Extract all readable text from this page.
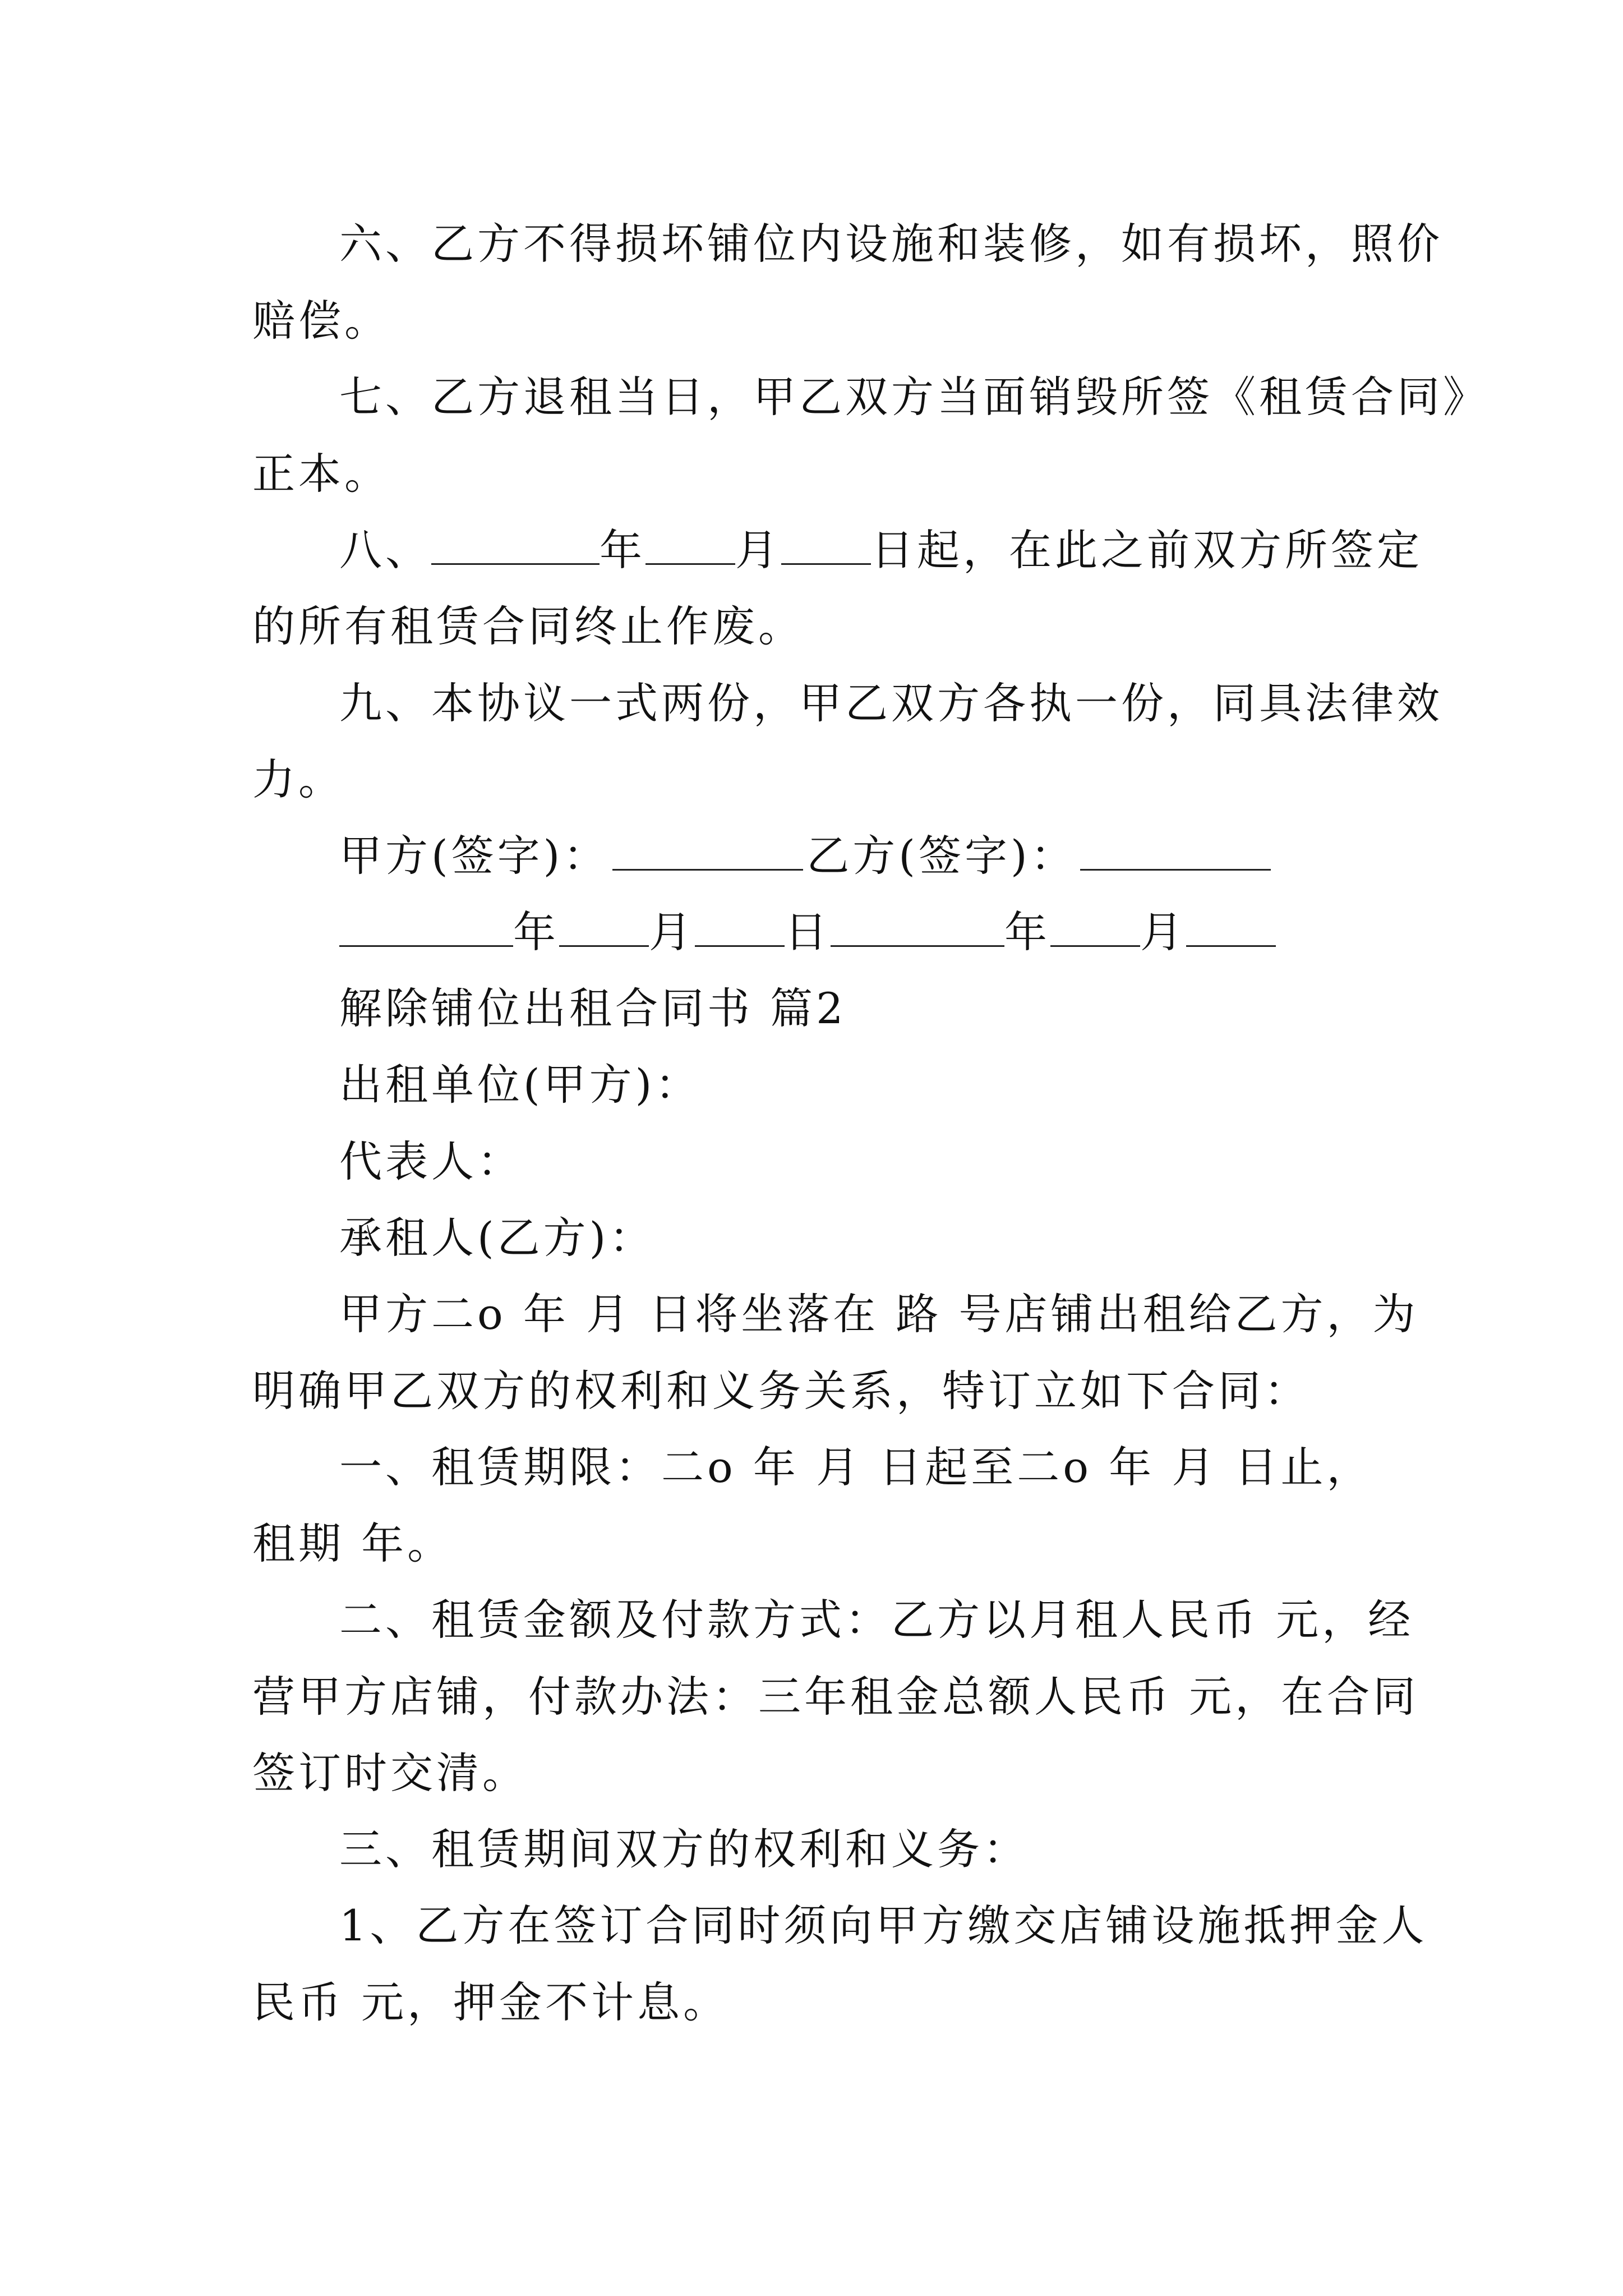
六、乙方不得损坏铺位内设施和装修，如有损坏，照价
赔偿。
七、乙方退租当日，甲乙双方当面销毁所签《租赁合同》
正本。
八、	年 月 日起，在此之前双方所签定
的所有租赁合同终止作废。
九、本协议一式两份，甲乙双方各执一份，同具法律效
力。
甲方(签字)：	乙方(签字)：
年 月 日	年 月
解除铺位出租合同书 篇2
出租单位(甲方)：
代表人：
承租人(乙方)：
甲方二o 年 月 日将坐落在 路 号店铺出租给乙方，为
明确甲乙双方的权利和义务关系，特订立如下合同：
一、租赁期限：二o 年 月 日起至二o 年 月 日止，
租期 年。
二、租赁金额及付款方式：乙方以月租人民币 元，经
营甲方店铺，付款办法：三年租金总额人民币 元，在合同
签订时交清。
三、租赁期间双方的权利和义务：
1、乙方在签订合同时须向甲方缴交店铺设施抵押金人
民币 元，押金不计息。
